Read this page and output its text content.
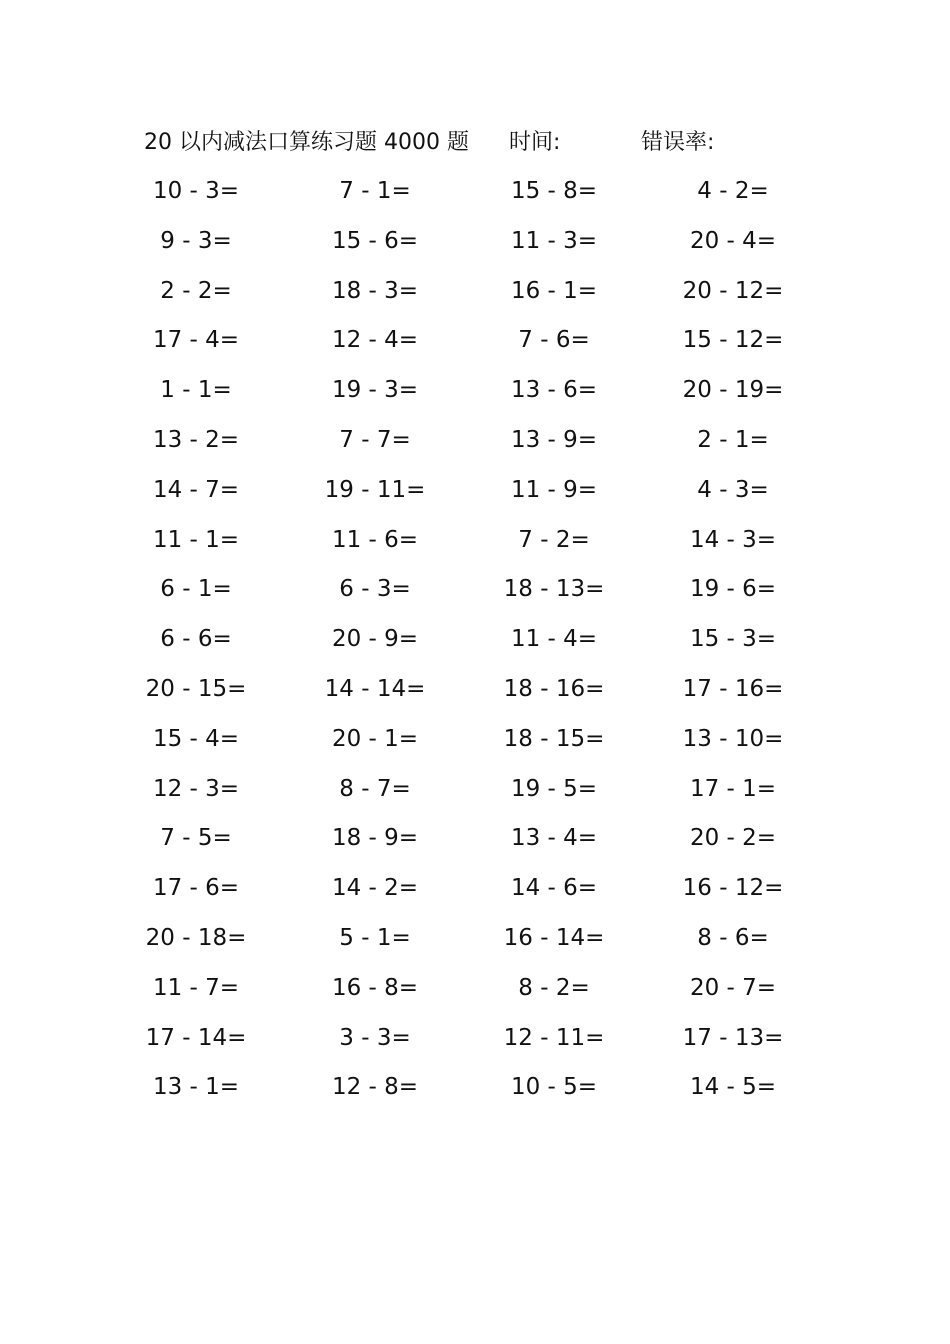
20 以内减法口算练习题 4000 题 时间:	错误率:
10 - 3=	7 - 1=	15 - 8=	4 - 2=
9 - 3=	15 - 6=	11 - 3=	20 - 4=
2 - 2=	18 - 3=	16 - 1=	20 - 12=
17 - 4=	12 - 4=	7 - 6=	15 - 12=
1 - 1=	19 - 3=	13 - 6=	20 - 19=
13 - 2=	7 - 7=	13 - 9=	2 - 1=
14 - 7=	19 - 11=	11 - 9=	4 - 3=
11 - 1=	11 - 6=	7 - 2=	14 - 3=
6 - 1=	6 - 3=	18 - 13=	19 - 6=
6 - 6=	20 - 9=	11 - 4=	15 - 3=
20 - 15=	14 - 14=	18 - 16=	17 - 16=
15 - 4=	20 - 1=	18 - 15=	13 - 10=
12 - 3=	8 - 7=	19 - 5=	17 - 1=
7 - 5=	18 - 9=	13 - 4=	20 - 2=
17 - 6=	14 - 2=	14 - 6=	16 - 12=
20 - 18=	5 - 1=	16 - 14=	8 - 6=
11 - 7=	16 - 8=	8 - 2=	20 - 7=
17 - 14=	3 - 3=	12 - 11=	17 - 13=
13 - 1=	12 - 8=	10 - 5=	14 - 5=
